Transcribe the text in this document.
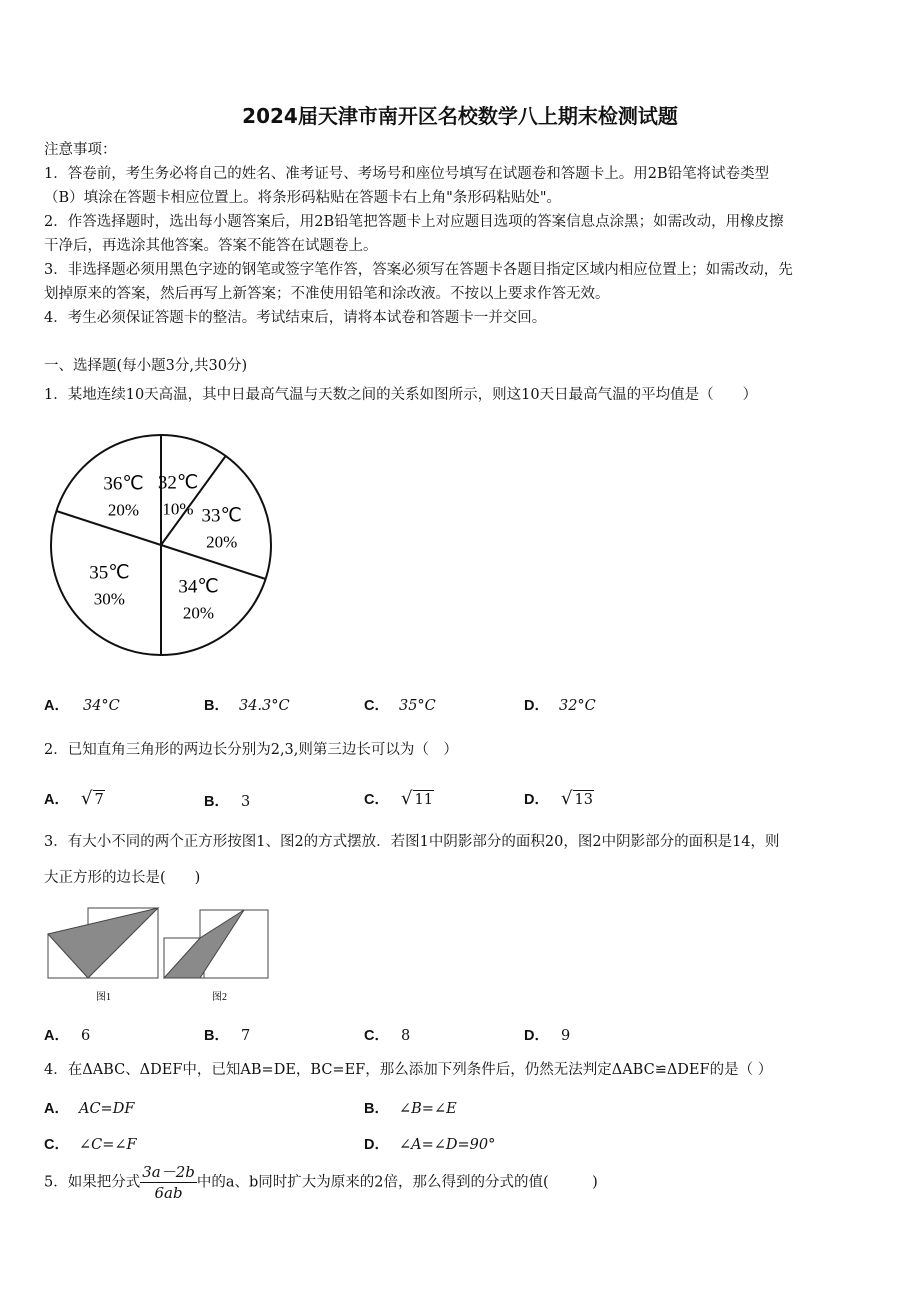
2024届天津市南开区名校数学八上期末检测试题
注意事项：
1．答卷前，考生务必将自己的姓名、准考证号、考场号和座位号填写在试题卷和答题卡上。用2B铅笔将试卷类型
（B）填涂在答题卡相应位置上。将条形码粘贴在答题卡右上角"条形码粘贴处"。
2．作答选择题时，选出每小题答案后，用2B铅笔把答题卡上对应题目选项的答案信息点涂黑；如需改动，用橡皮擦
干净后，再选涂其他答案。答案不能答在试题卷上。
3．非选择题必须用黑色字迹的钢笔或签字笔作答，答案必须写在答题卡各题目指定区域内相应位置上；如需改动，先
划掉原来的答案，然后再写上新答案；不准使用铅笔和涂改液。不按以上要求作答无效。
4．考生必须保证答题卡的整洁。考试结束后，请将本试卷和答题卡一并交回。
一、选择题(每小题3分,共30分)
1．某地连续10天高温，其中日最高气温与天数之间的关系如图所示，则这10天日最高气温的平均值是（　　）
32℃
10% 33℃
20%
34℃
20%
35℃
30%
36℃
20%
A． 34°C	B． 34.3°C	C． 35°C	D． 32°C
2．已知直角三角形的两边长分别为2,3,则第三边长可以为（　）
A． √ 7	B． 3	C． √ 11	D． √ 13
3．有大小不同的两个正方形按图1、图2的方式摆放．若图1中阴影部分的面积20，图2中阴影部分的面积是14，则
大正方形的边长是(　　)
图1	图2
A． 6	B． 7	C． 8	D． 9
4．在ΔABC、ΔDEF中，已知AB=DE，BC=EF，那么添加下列条件后，仍然无法判定ΔABC≌ΔDEF的是（ ）
A． AC=DF	B． ∠B=∠E
C． ∠C=∠F	D． ∠A=∠D=90°
5．如果把分式 $\frac{3a-2b}{6ab}$ 中的a、b同时扩大为原来的2倍，那么得到的分式的值(　　　)
